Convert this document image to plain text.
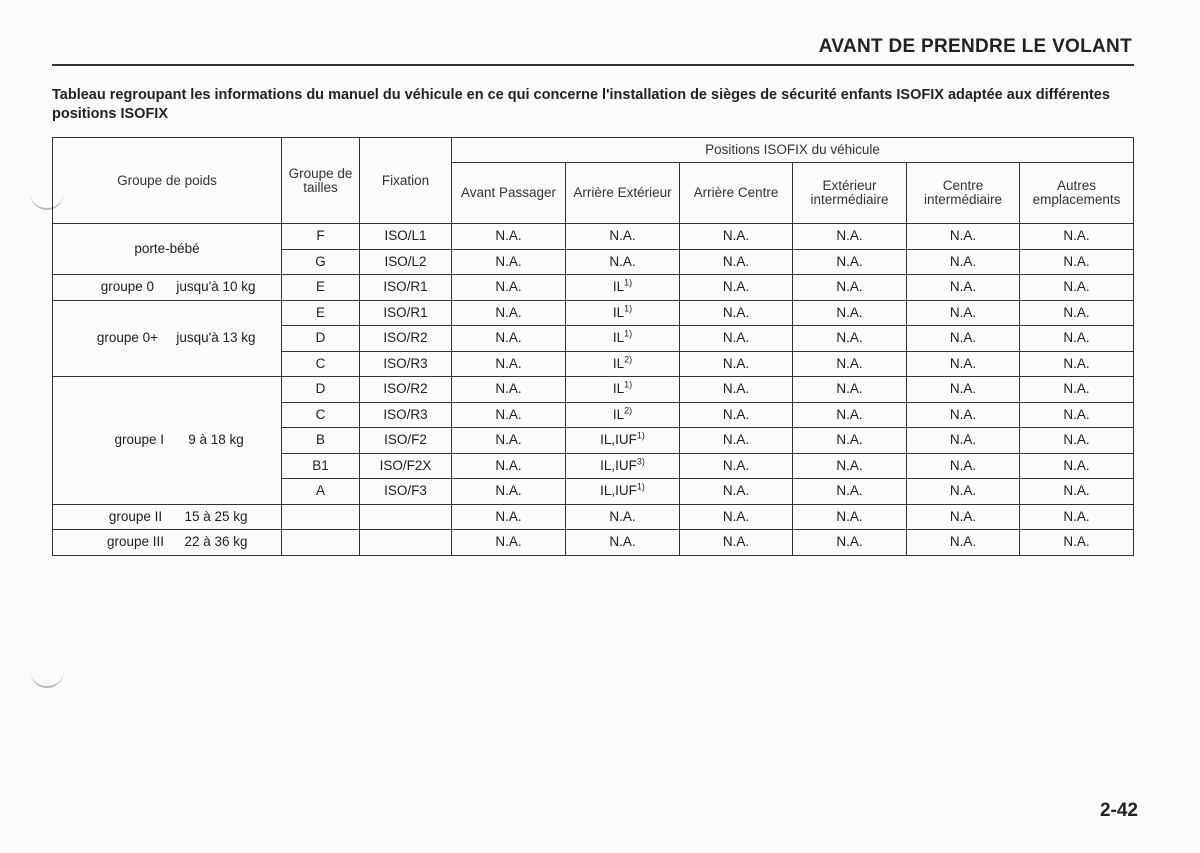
AVANT DE PRENDRE LE VOLANT
Tableau regroupant les informations du manuel du véhicule en ce qui concerne l'installation de sièges de sécurité enfants ISOFIX adaptée aux différentes positions ISOFIX
Groupe de poids	Groupe de tailles	Fixation	Positions ISOFIX du véhicule					
			Avant Passager	Arrière Extérieur	Arrière Centre	Extérieur intermédiaire	Centre intermédiaire	Autres emplacements
porte-bébé	F	ISO/L1	N.A.	N.A.	N.A.	N.A.	N.A.	N.A.
	G	ISO/L2	N.A.	N.A.	N.A.	N.A.	N.A.	N.A.
groupe 0 jusqu'à 10 kg	E	ISO/R1	N.A.	IL$^{1)}$	N.A.	N.A.	N.A.	N.A.
groupe 0+ jusqu'à 13 kg	E	ISO/R1	N.A.	IL$^{1)}$	N.A.	N.A.	N.A.	N.A.
	D	ISO/R2	N.A.	IL$^{1)}$	N.A.	N.A.	N.A.	N.A.
	C	ISO/R3	N.A.	IL$^{2)}$	N.A.	N.A.	N.A.	N.A.
groupe I 9 à 18 kg	D	ISO/R2	N.A.	IL$^{1)}$	N.A.	N.A.	N.A.	N.A.
	C	ISO/R3	N.A.	IL$^{2)}$	N.A.	N.A.	N.A.	N.A.
	B	ISO/F2	N.A.	IL,IUF$^{1)}$	N.A.	N.A.	N.A.	N.A.
	B1	ISO/F2X	N.A.	IL,IUF$^{3)}$	N.A.	N.A.	N.A.	N.A.
	A	ISO/F3	N.A.	IL,IUF$^{1)}$	N.A.	N.A.	N.A.	N.A.
groupe II 15 à 25 kg			N.A.	N.A.	N.A.	N.A.	N.A.	N.A.
groupe III 22 à 36 kg			N.A.	N.A.	N.A.	N.A.	N.A.	N.A.
2-42
